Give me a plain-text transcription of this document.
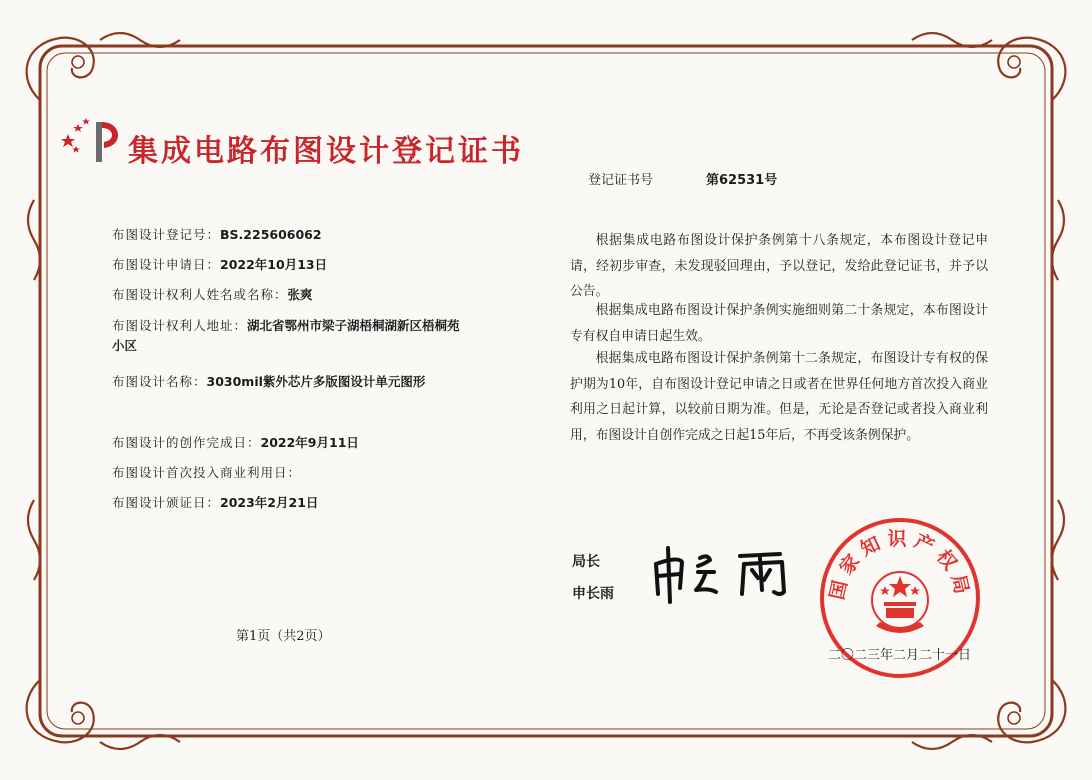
集成电路布图设计登记证书
登记证书号	第62531号
布图设计登记号：BS.225606062
布图设计申请日：2022年10月13日
布图设计权利人姓名或名称：张爽
布图设计权利人地址：湖北省鄂州市梁子湖梧桐湖新区梧桐苑小区
布图设计名称：3030mil紫外芯片多版图设计单元图形
布图设计的创作完成日：2022年9月11日
布图设计首次投入商业利用日：
布图设计颁证日：2023年2月21日
根据集成电路布图设计保护条例第十八条规定，本布图设计登记申请，经初步审查，未发现驳回理由，予以登记，发给此登记证书，并予以公告。
根据集成电路布图设计保护条例实施细则第二十条规定，本布图设计专有权自申请日起生效。
根据集成电路布图设计保护条例第十二条规定，布图设计专有权的保护期为10年，自布图设计登记申请之日或者在世界任何地方首次投入商业利用之日起计算，以较前日期为准。但是，无论是否登记或者投入商业利用，布图设计自创作完成之日起15年后，不再受该条例保护。
局长
申长雨	国家知识产权局
二〇二三年二月二十一日
第1页（共2页）
